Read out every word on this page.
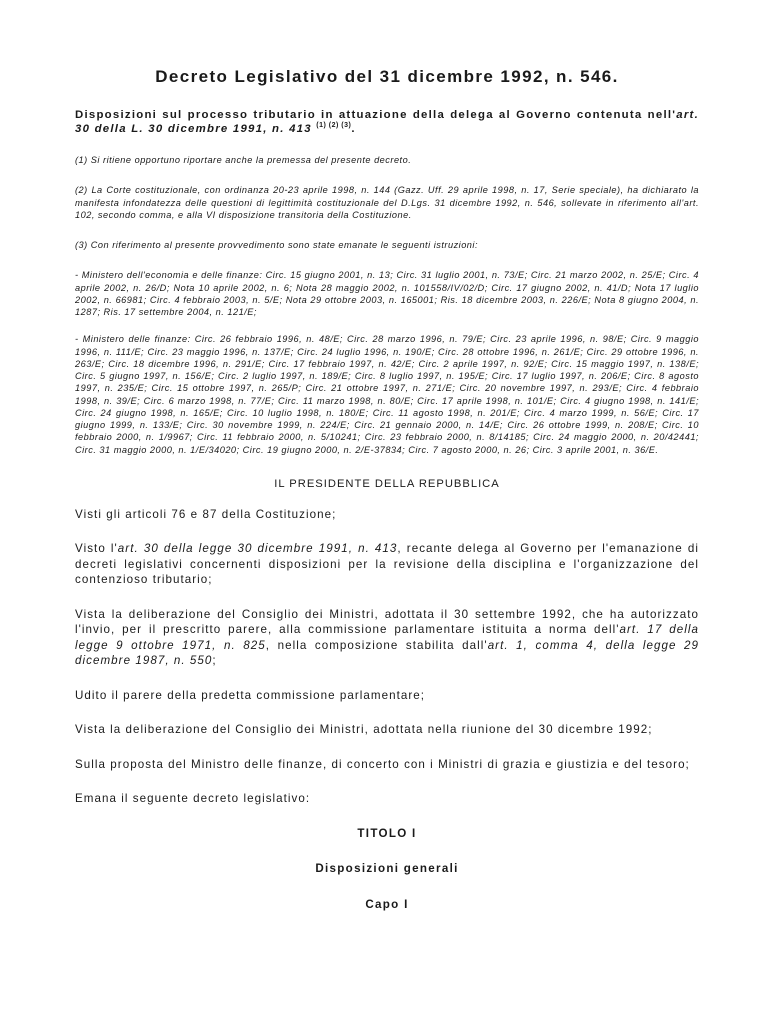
Decreto Legislativo del 31 dicembre 1992, n. 546.

Disposizioni sul processo tributario in attuazione della delega al Governo contenuta nell'art. 30 della L. 30 dicembre 1991, n. 413 $^{(1) (2) (3)}$.

(1) Si ritiene opportuno riportare anche la premessa del presente decreto.

(2) La Corte costituzionale, con ordinanza 20-23 aprile 1998, n. 144 (Gazz. Uff. 29 aprile 1998, n. 17, Serie speciale), ha dichiarato la manifesta infondatezza delle questioni di legittimità costituzionale del D.Lgs. 31 dicembre 1992, n. 546, sollevate in riferimento all'art. 102, secondo comma, e alla VI disposizione transitoria della Costituzione.

(3) Con riferimento al presente provvedimento sono state emanate le seguenti istruzioni:

- Ministero dell'economia e delle finanze: Circ. 15 giugno 2001, n. 13; Circ. 31 luglio 2001, n. 73/E; Circ. 21 marzo 2002, n. 25/E; Circ. 4 aprile 2002, n. 26/D; Nota 10 aprile 2002, n. 6; Nota 28 maggio 2002, n. 101558/IV/02/D; Circ. 17 giugno 2002, n. 41/D; Nota 17 luglio 2002, n. 66981; Circ. 4 febbraio 2003, n. 5/E; Nota 29 ottobre 2003, n. 165001; Ris. 18 dicembre 2003, n. 226/E; Nota 8 giugno 2004, n. 1287; Ris. 17 settembre 2004, n. 121/E;

- Ministero delle finanze: Circ. 26 febbraio 1996, n. 48/E; Circ. 28 marzo 1996, n. 79/E; Circ. 23 aprile 1996, n. 98/E; Circ. 9 maggio 1996, n. 111/E; Circ. 23 maggio 1996, n. 137/E; Circ. 24 luglio 1996, n. 190/E; Circ. 28 ottobre 1996, n. 261/E; Circ. 29 ottobre 1996, n. 263/E; Circ. 18 dicembre 1996, n. 291/E; Circ. 17 febbraio 1997, n. 42/E; Circ. 2 aprile 1997, n. 92/E; Circ. 15 maggio 1997, n. 138/E; Circ. 5 giugno 1997, n. 156/E; Circ. 2 luglio 1997, n. 189/E; Circ. 8 luglio 1997, n. 195/E; Circ. 17 luglio 1997, n. 206/E; Circ. 8 agosto 1997, n. 235/E; Circ. 15 ottobre 1997, n. 265/P; Circ. 21 ottobre 1997, n. 271/E; Circ. 20 novembre 1997, n. 293/E; Circ. 4 febbraio 1998, n. 39/E; Circ. 6 marzo 1998, n. 77/E; Circ. 11 marzo 1998, n. 80/E; Circ. 17 aprile 1998, n. 101/E; Circ. 4 giugno 1998, n. 141/E; Circ. 24 giugno 1998, n. 165/E; Circ. 10 luglio 1998, n. 180/E; Circ. 11 agosto 1998, n. 201/E; Circ. 4 marzo 1999, n. 56/E; Circ. 17 giugno 1999, n. 133/E; Circ. 30 novembre 1999, n. 224/E; Circ. 21 gennaio 2000, n. 14/E; Circ. 26 ottobre 1999, n. 208/E; Circ. 10 febbraio 2000, n. 1/9967; Circ. 11 febbraio 2000, n. 5/10241; Circ. 23 febbraio 2000, n. 8/14185; Circ. 24 maggio 2000, n. 20/42441; Circ. 31 maggio 2000, n. 1/E/34020; Circ. 19 giugno 2000, n. 2/E-37834; Circ. 7 agosto 2000, n. 26; Circ. 3 aprile 2001, n. 36/E.

IL PRESIDENTE DELLA REPUBBLICA

Visti gli articoli 76 e 87 della Costituzione;

Visto l'art. 30 della legge 30 dicembre 1991, n. 413, recante delega al Governo per l'emanazione di decreti legislativi concernenti disposizioni per la revisione della disciplina e l'organizzazione del contenzioso tributario;

Vista la deliberazione del Consiglio dei Ministri, adottata il 30 settembre 1992, che ha autorizzato l'invio, per il prescritto parere, alla commissione parlamentare istituita a norma dell'art. 17 della legge 9 ottobre 1971, n. 825, nella composizione stabilita dall'art. 1, comma 4, della legge 29 dicembre 1987, n. 550;

Udito il parere della predetta commissione parlamentare;

Vista la deliberazione del Consiglio dei Ministri, adottata nella riunione del 30 dicembre 1992;

Sulla proposta del Ministro delle finanze, di concerto con i Ministri di grazia e giustizia e del tesoro;

Emana il seguente decreto legislativo:

TITOLO I

Disposizioni generali

Capo I
